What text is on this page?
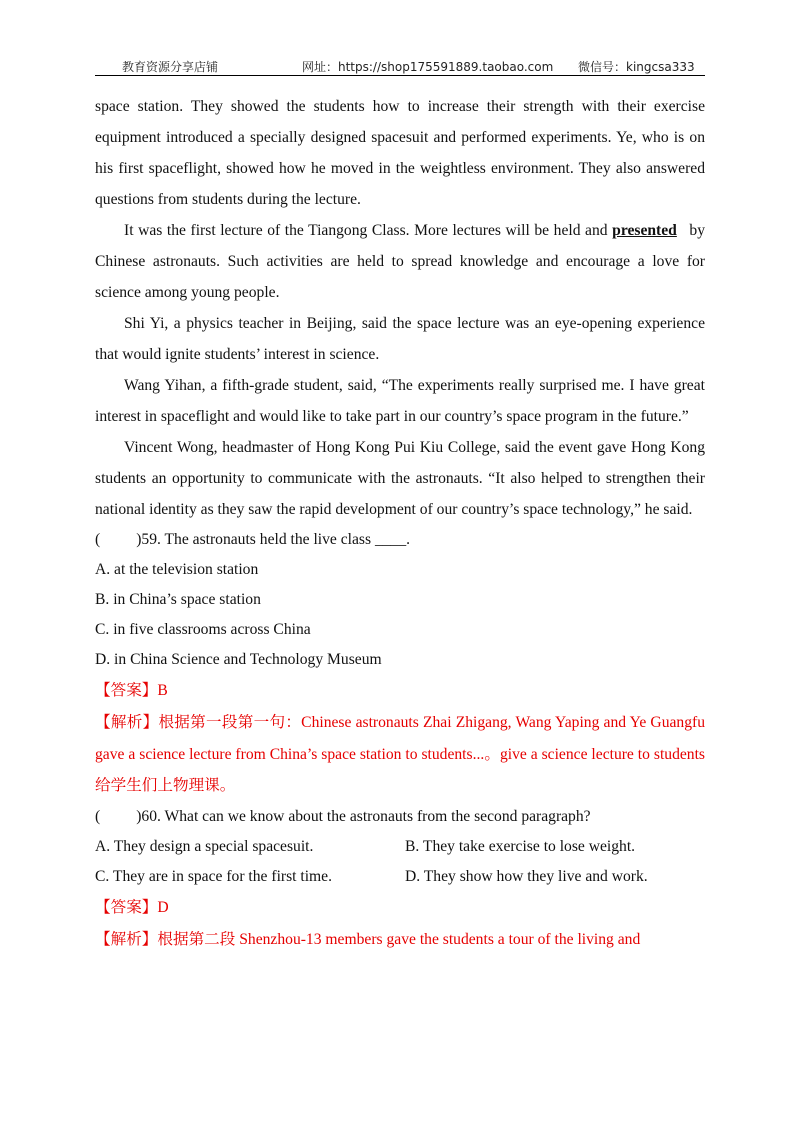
教育资源分享店铺	网址：https://shop175591889.taobao.com 微信号：kingcsa333

space station. They showed the students how to increase their strength with their exercise equipment introduced a specially designed spacesuit and performed experiments. Ye, who is on his first spaceflight, showed how he moved in the weightless environment. They also answered questions from students during the lecture.

It was the first lecture of the Tiangong Class. More lectures will be held and presented by Chinese astronauts. Such activities are held to spread knowledge and encourage a love for science among young people.

Shi Yi, a physics teacher in Beijing, said the space lecture was an eye-opening experience that would ignite students’ interest in science.

Wang Yihan, a fifth-grade student, said, “The experiments really surprised me. I have great interest in spaceflight and would like to take part in our country’s space program in the future.”

Vincent Wong, headmaster of Hong Kong Pui Kiu College, said the event gave Hong Kong students an opportunity to communicate with the astronauts. “It also helped to strengthen their national identity as they saw the rapid development of our country’s space technology,” he said.

( )59. The astronauts held the live class ____.

A. at the television station

B. in China’s space station

C. in five classrooms across China

D. in China Science and Technology Museum

【答案】B

【解析】根据第一段第一句：Chinese astronauts Zhai Zhigang, Wang Yaping and Ye Guangfu gave a science lecture from China’s space station to students...。give a science lecture to students 给学生们上物理课。

( )60. What can we know about the astronauts from the second paragraph?

A. They design a special spacesuit.	B. They take exercise to lose weight.

C. They are in space for the first time.	D. They show how they live and work.

【答案】D

【解析】根据第二段 Shenzhou-13 members gave the students a tour of the living and
